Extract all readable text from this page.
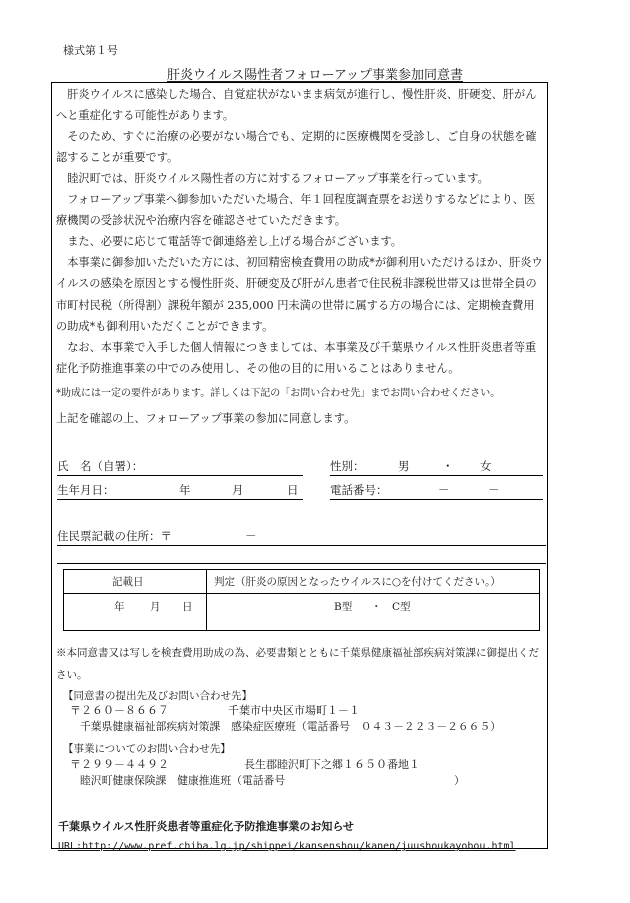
様式第１号
肝炎ウイルス陽性者フォローアップ事業参加同意書

肝炎ウイルスに感染した場合、自覚症状がないまま病気が進行し、慢性肝炎、肝硬変、肝がんへと重症化する可能性があります。

そのため、すぐに治療の必要がない場合でも、定期的に医療機関を受診し、ご自身の状態を確認することが重要です。

睦沢町では、肝炎ウイルス陽性者の方に対するフォローアップ事業を行っています。

フォローアップ事業へ御参加いただいた場合、年１回程度調査票をお送りするなどにより、医療機関の受診状況や治療内容を確認させていただきます。

また、必要に応じて電話等で御連絡差し上げる場合がございます。

本事業に御参加いただいた方には、初回精密検査費用の助成*が御利用いただけるほか、肝炎ウイルスの感染を原因とする慢性肝炎、肝硬変及び肝がん患者で住民税非課税世帯又は世帯全員の市町村民税（所得割）課税年額が 235,000 円未満の世帯に属する方の場合には、定期検査費用の助成*も御利用いただくことができます。

なお、本事業で入手した個人情報につきましては、本事業及び千葉県ウイルス性肝炎患者等重症化予防推進事業の中でのみ使用し、その他の目的に用いることはありません。

*助成には一定の要件があります。詳しくは下記の「お問い合わせ先」までお問い合わせください。
上記を確認の上、フォローアップ事業の参加に同意します。
氏　名（自署）：	性別：	男	・ 女
生年月日：	年	月	日	電話番号：	－	－
住民票記載の住所：〒	－
記載日	判定（肝炎の原因となったウイルスに○を付けてください。）
年 月 日	B型 ・ C型
※本同意書又は写しを検査費用助成の為、必要書類とともに千葉県健康福祉部疾病対策課に御提出ください。
【同意書の提出先及びお問い合わせ先】
〒２６０－８６６７	千葉市中央区市場町１－１
千葉県健康福祉部疾病対策課　感染症医療班（電話番号　０４３－２２３－２６６５）
【事業についてのお問い合わせ先】
〒２９９－４４９２	長生郡睦沢町下之郷１６５０番地１
睦沢町健康保険課　健康推進班（電話番号	）
千葉県ウイルス性肝炎患者等重症化予防推進事業のお知らせ
URL:http://www.pref.chiba.lg.jp/shippei/kansenshou/kanen/juushoukayobou.html
